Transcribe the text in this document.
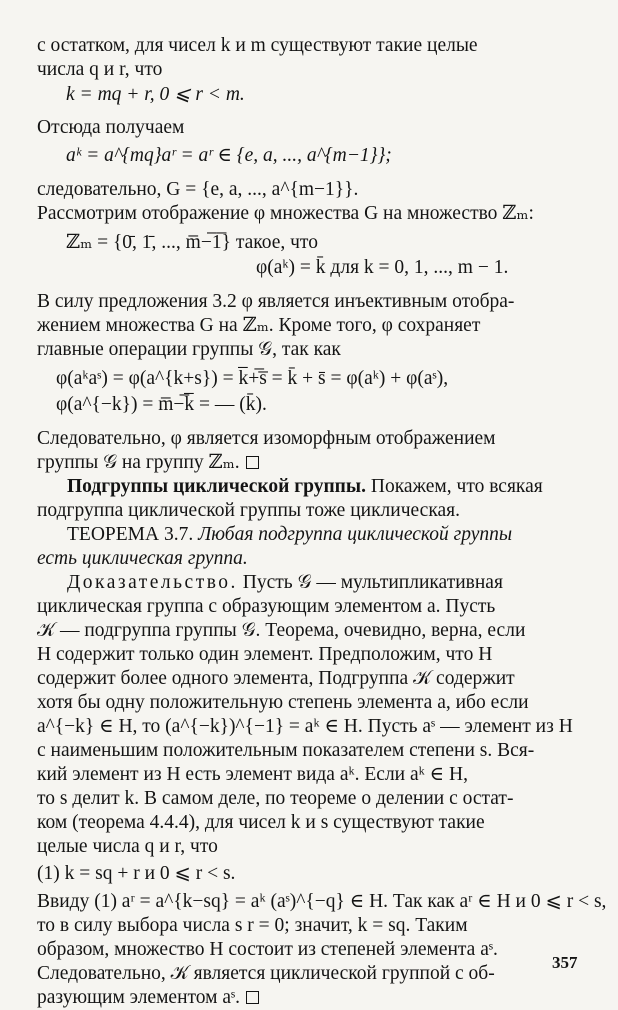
с остатком, для чисел k и m существуют такие целые
числа q и r, что
k = mq + r, 0 ⩽ r < m.
Отсюда получаем
aᵏ = a^{mq}aʳ = aʳ ∈ {e, a, ..., a^{m−1}};
следовательно, G = {e, a, ..., a^{m−1}}.
Рассмотрим отображение φ множества G на множество ℤₘ:
ℤₘ = {0̄, 1̄, ..., m̅−̅1̅} такое, что
φ(aᵏ) = k̄ для k = 0, 1, ..., m − 1.
В силу предложения 3.2 φ является инъективным отобра-
жением множества G на ℤₘ. Кроме того, φ сохраняет
главные операции группы 𝒢, так как
φ(aᵏaˢ) = φ(a^{k+s}) = k̅+̅s̅ = k̄ + s̄ = φ(aᵏ) + φ(aˢ),
φ(a^{−k}) = m̅−̅k̅ = — (k̄).
Следовательно, φ является изоморфным отображением
группы 𝒢 на группу ℤₘ.
Подгруппы циклической группы. Покажем, что всякая
подгруппа циклической группы тоже циклическая.
ТЕОРЕМА 3.7. Любая подгруппа циклической группы
есть циклическая группа.
Доказательство. Пусть 𝒢 — мультипликативная
циклическая группа с образующим элементом a. Пусть
𝒦 — подгруппа группы 𝒢. Теорема, очевидно, верна, если
H содержит только один элемент. Предположим, что H
содержит более одного элемента, Подгруппа 𝒦 содержит
хотя бы одну положительную степень элемента a, ибо если
a^{−k} ∈ H, то (a^{−k})^{−1} = aᵏ ∈ H. Пусть aˢ — элемент из H
с наименьшим положительным показателем степени s. Вся-
кий элемент из H есть элемент вида aᵏ. Если aᵏ ∈ H,
то s делит k. В самом деле, по теореме о делении с остат-
ком (теорема 4.4.4), для чисел k и s существуют такие
целые числа q и r, что
(1) k = sq + r и 0 ⩽ r < s.
Ввиду (1) aʳ = a^{k−sq} = aᵏ (aˢ)^{−q} ∈ H. Так как aʳ ∈ H и 0 ⩽ r < s,
то в силу выбора числа s r = 0; значит, k = sq. Таким
образом, множество H состоит из степеней элемента aˢ.
Следовательно, 𝒦 является циклической группой с об-
разующим элементом aˢ.
357
